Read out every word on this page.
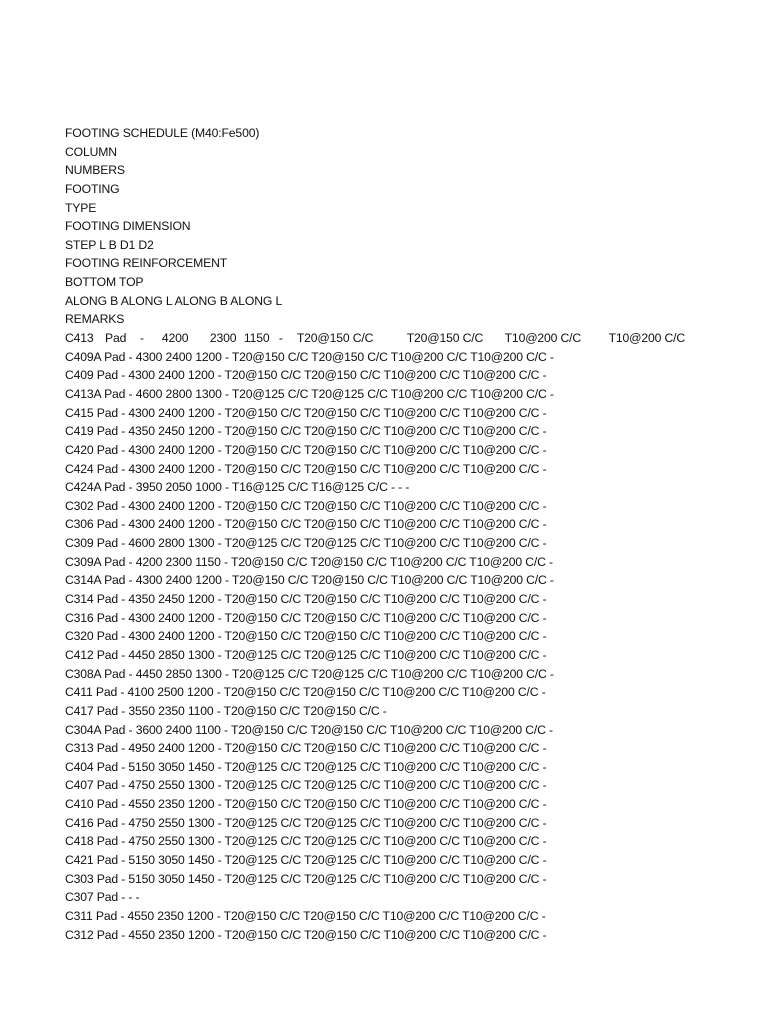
FOOTING SCHEDULE (M40:Fe500)
COLUMN
NUMBERS
FOOTING
TYPE
FOOTING DIMENSION
STEP L B D1 D2
FOOTING REINFORCEMENT
BOTTOM TOP
ALONG B ALONG L ALONG B ALONG L
REMARKS
C413 Pad	-	4200	2300 1150 -	T20@150 C/C	T20@150 C/C	T10@200 C/C	T10@200 C/C
C409A Pad - 4300 2400 1200 - T20@150 C/C T20@150 C/C T10@200 C/C T10@200 C/C -
C409 Pad - 4300 2400 1200 - T20@150 C/C T20@150 C/C T10@200 C/C T10@200 C/C -
C413A Pad - 4600 2800 1300 - T20@125 C/C T20@125 C/C T10@200 C/C T10@200 C/C -
C415 Pad - 4300 2400 1200 - T20@150 C/C T20@150 C/C T10@200 C/C T10@200 C/C -
C419 Pad - 4350 2450 1200 - T20@150 C/C T20@150 C/C T10@200 C/C T10@200 C/C -
C420 Pad - 4300 2400 1200 - T20@150 C/C T20@150 C/C T10@200 C/C T10@200 C/C -
C424 Pad - 4300 2400 1200 - T20@150 C/C T20@150 C/C T10@200 C/C T10@200 C/C -
C424A Pad - 3950 2050 1000 - T16@125 C/C T16@125 C/C - - -
C302 Pad - 4300 2400 1200 - T20@150 C/C T20@150 C/C T10@200 C/C T10@200 C/C -
C306 Pad - 4300 2400 1200 - T20@150 C/C T20@150 C/C T10@200 C/C T10@200 C/C -
C309 Pad - 4600 2800 1300 - T20@125 C/C T20@125 C/C T10@200 C/C T10@200 C/C -
C309A Pad - 4200 2300 1150 - T20@150 C/C T20@150 C/C T10@200 C/C T10@200 C/C -
C314A Pad - 4300 2400 1200 - T20@150 C/C T20@150 C/C T10@200 C/C T10@200 C/C -
C314 Pad - 4350 2450 1200 - T20@150 C/C T20@150 C/C T10@200 C/C T10@200 C/C -
C316 Pad - 4300 2400 1200 - T20@150 C/C T20@150 C/C T10@200 C/C T10@200 C/C -
C320 Pad - 4300 2400 1200 - T20@150 C/C T20@150 C/C T10@200 C/C T10@200 C/C -
C412 Pad - 4450 2850 1300 - T20@125 C/C T20@125 C/C T10@200 C/C T10@200 C/C -
C308A Pad - 4450 2850 1300 - T20@125 C/C T20@125 C/C T10@200 C/C T10@200 C/C -
C411 Pad - 4100 2500 1200 - T20@150 C/C T20@150 C/C T10@200 C/C T10@200 C/C -
C417 Pad - 3550 2350 1100 - T20@150 C/C T20@150 C/C -
C304A Pad - 3600 2400 1100 - T20@150 C/C T20@150 C/C T10@200 C/C T10@200 C/C -
C313 Pad - 4950 2400 1200 - T20@150 C/C T20@150 C/C T10@200 C/C T10@200 C/C -
C404 Pad - 5150 3050 1450 - T20@125 C/C T20@125 C/C T10@200 C/C T10@200 C/C -
C407 Pad - 4750 2550 1300 - T20@125 C/C T20@125 C/C T10@200 C/C T10@200 C/C -
C410 Pad - 4550 2350 1200 - T20@150 C/C T20@150 C/C T10@200 C/C T10@200 C/C -
C416 Pad - 4750 2550 1300 - T20@125 C/C T20@125 C/C T10@200 C/C T10@200 C/C -
C418 Pad - 4750 2550 1300 - T20@125 C/C T20@125 C/C T10@200 C/C T10@200 C/C -
C421 Pad - 5150 3050 1450 - T20@125 C/C T20@125 C/C T10@200 C/C T10@200 C/C -
C303 Pad - 5150 3050 1450 - T20@125 C/C T20@125 C/C T10@200 C/C T10@200 C/C -
C307 Pad - - -
C311 Pad - 4550 2350 1200 - T20@150 C/C T20@150 C/C T10@200 C/C T10@200 C/C -
C312 Pad - 4550 2350 1200 - T20@150 C/C T20@150 C/C T10@200 C/C T10@200 C/C -
